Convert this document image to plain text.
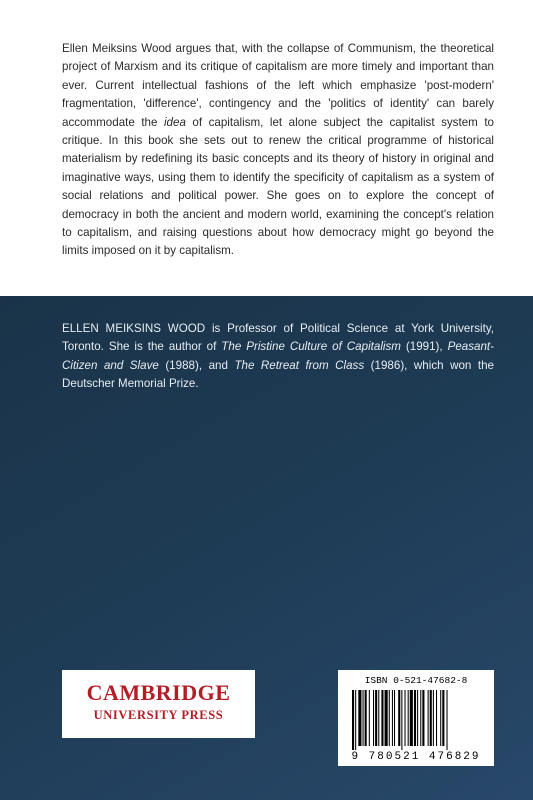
Ellen Meiksins Wood argues that, with the collapse of Communism, the theoretical project of Marxism and its critique of capitalism are more timely and important than ever. Current intellectual fashions of the left which emphasize 'post-modern' fragmentation, 'difference', contingency and the 'politics of identity' can barely accommodate the idea of capitalism, let alone subject the capitalist system to critique. In this book she sets out to renew the critical programme of historical materialism by redefining its basic concepts and its theory of history in original and imaginative ways, using them to identify the specificity of capitalism as a system of social relations and political power. She goes on to explore the concept of democracy in both the ancient and modern world, examining the concept's relation to capitalism, and raising questions about how democracy might go beyond the limits imposed on it by capitalism.

ELLEN MEIKSINS WOOD is Professor of Political Science at York University, Toronto. She is the author of The Pristine Culture of Capitalism (1991), Peasant-Citizen and Slave (1988), and The Retreat from Class (1986), which won the Deutscher Memorial Prize.

CAMBRIDGE
UNIVERSITY PRESS
ISBN 0-521-47682-8
9 780521 476829
